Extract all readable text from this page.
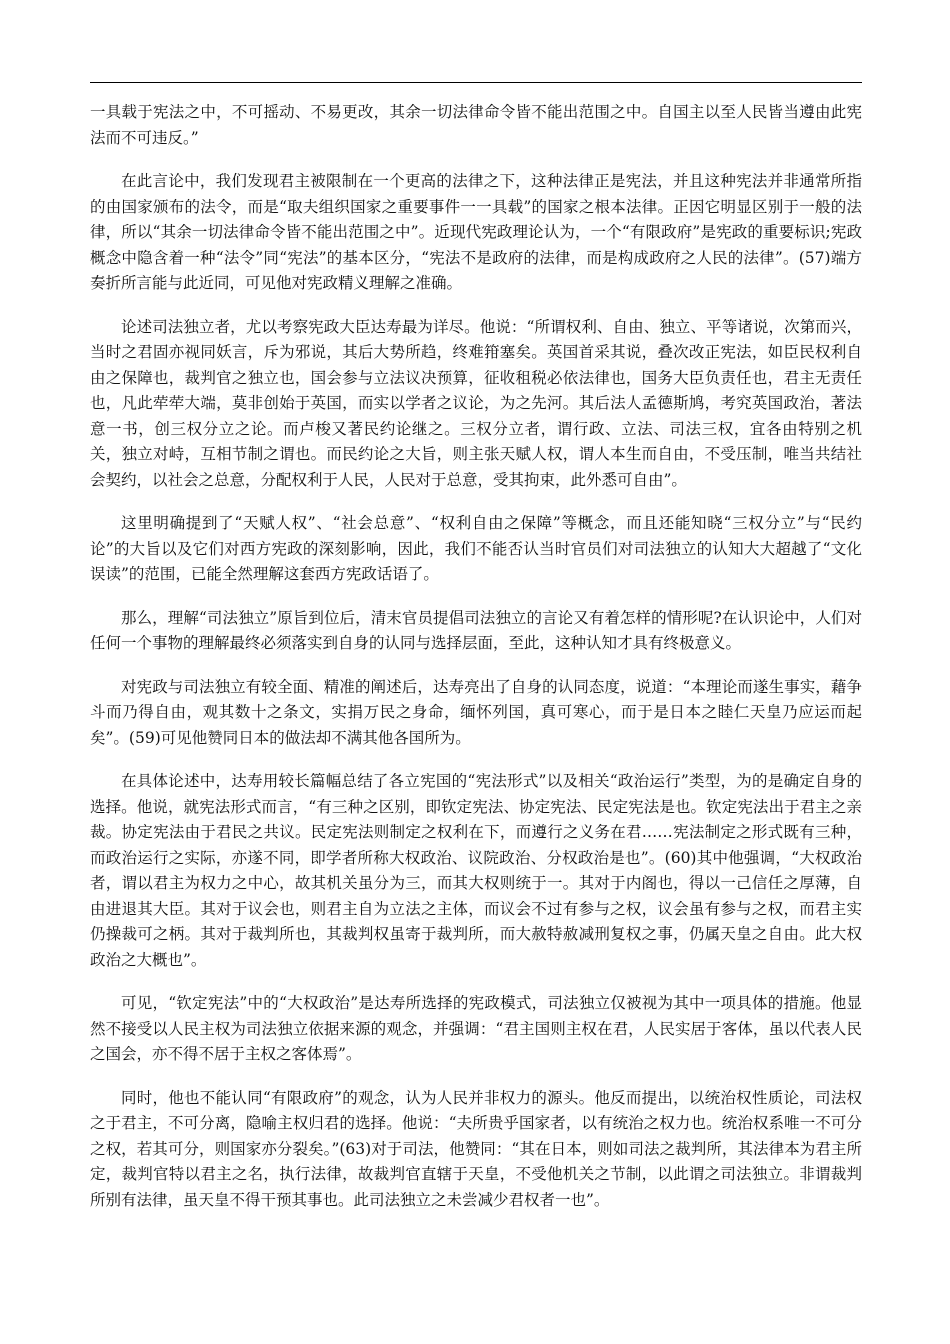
一具载于宪法之中，不可摇动、不易更改，其余一切法律命令皆不能出范围之中。自国主以至人民皆当遵由此宪法而不可违反。”

在此言论中，我们发现君主被限制在一个更高的法律之下，这种法律正是宪法，并且这种宪法并非通常所指的由国家颁布的法令，而是“取夫组织国家之重要事件一一具载”的国家之根本法律。正因它明显区别于一般的法律，所以“其余一切法律命令皆不能出范围之中”。近现代宪政理论认为，一个“有限政府”是宪政的重要标识;宪政概念中隐含着一种“法令”同“宪法”的基本区分，“宪法不是政府的法律，而是构成政府之人民的法律”。(57)端方奏折所言能与此近同，可见他对宪政精义理解之准确。

论述司法独立者，尤以考察宪政大臣达寿最为详尽。他说：“所谓权利、自由、独立、平等诸说，次第而兴，当时之君固亦视同妖言，斥为邪说，其后大势所趋，终难箝塞矣。英国首采其说，叠次改正宪法，如臣民权利自由之保障也，裁判官之独立也，国会参与立法议决预算，征收租税必依法律也，国务大臣负责任也，君主无责任也，凡此荦荦大端，莫非创始于英国，而实以学者之议论，为之先河。其后法人孟德斯鸠，考究英国政治，著法意一书，创三权分立之论。而卢梭又著民约论继之。三权分立者，谓行政、立法、司法三权，宜各由特别之机关，独立对峙，互相节制之谓也。而民约论之大旨，则主张天赋人权，谓人本生而自由，不受压制，唯当共结社会契约，以社会之总意，分配权利于人民，人民对于总意，受其拘束，此外悉可自由”。

这里明确提到了“天赋人权”、“社会总意”、“权利自由之保障”等概念，而且还能知晓“三权分立”与“民约论”的大旨以及它们对西方宪政的深刻影响，因此，我们不能否认当时官员们对司法独立的认知大大超越了“文化误读”的范围，已能全然理解这套西方宪政话语了。

那么，理解“司法独立”原旨到位后，清末官员提倡司法独立的言论又有着怎样的情形呢?在认识论中，人们对任何一个事物的理解最终必须落实到自身的认同与选择层面，至此，这种认知才具有终极意义。

对宪政与司法独立有较全面、精准的阐述后，达寿亮出了自身的认同态度，说道：“本理论而遂生事实，藉争斗而乃得自由，观其数十之条文，实捐万民之身命，缅怀列国，真可寒心，而于是日本之睦仁天皇乃应运而起矣”。(59)可见他赞同日本的做法却不满其他各国所为。

在具体论述中，达寿用较长篇幅总结了各立宪国的“宪法形式”以及相关“政治运行”类型，为的是确定自身的选择。他说，就宪法形式而言，“有三种之区别，即钦定宪法、协定宪法、民定宪法是也。钦定宪法出于君主之亲裁。协定宪法由于君民之共议。民定宪法则制定之权利在下，而遵行之义务在君……宪法制定之形式既有三种，而政治运行之实际，亦遂不同，即学者所称大权政治、议院政治、分权政治是也”。(60)其中他强调，“大权政治者，谓以君主为权力之中心，故其机关虽分为三，而其大权则统于一。其对于内阁也，得以一己信任之厚薄，自由进退其大臣。其对于议会也，则君主自为立法之主体，而议会不过有参与之权，议会虽有参与之权，而君主实仍操裁可之柄。其对于裁判所也，其裁判权虽寄于裁判所，而大赦特赦减刑复权之事，仍属天皇之自由。此大权政治之大概也”。

可见，“钦定宪法”中的“大权政治”是达寿所选择的宪政模式，司法独立仅被视为其中一项具体的措施。他显然不接受以人民主权为司法独立依据来源的观念，并强调：“君主国则主权在君，人民实居于客体，虽以代表人民之国会，亦不得不居于主权之客体焉”。

同时，他也不能认同“有限政府”的观念，认为人民并非权力的源头。他反而提出，以统治权性质论，司法权之于君主，不可分离，隐喻主权归君的选择。他说：“夫所贵乎国家者，以有统治之权力也。统治权系唯一不可分之权，若其可分，则国家亦分裂矣。”(63)对于司法，他赞同：“其在日本，则如司法之裁判所，其法律本为君主所定，裁判官特以君主之名，执行法律，故裁判官直辖于天皇，不受他机关之节制，以此谓之司法独立。非谓裁判所别有法律，虽天皇不得干预其事也。此司法独立之未尝减少君权者一也”。
